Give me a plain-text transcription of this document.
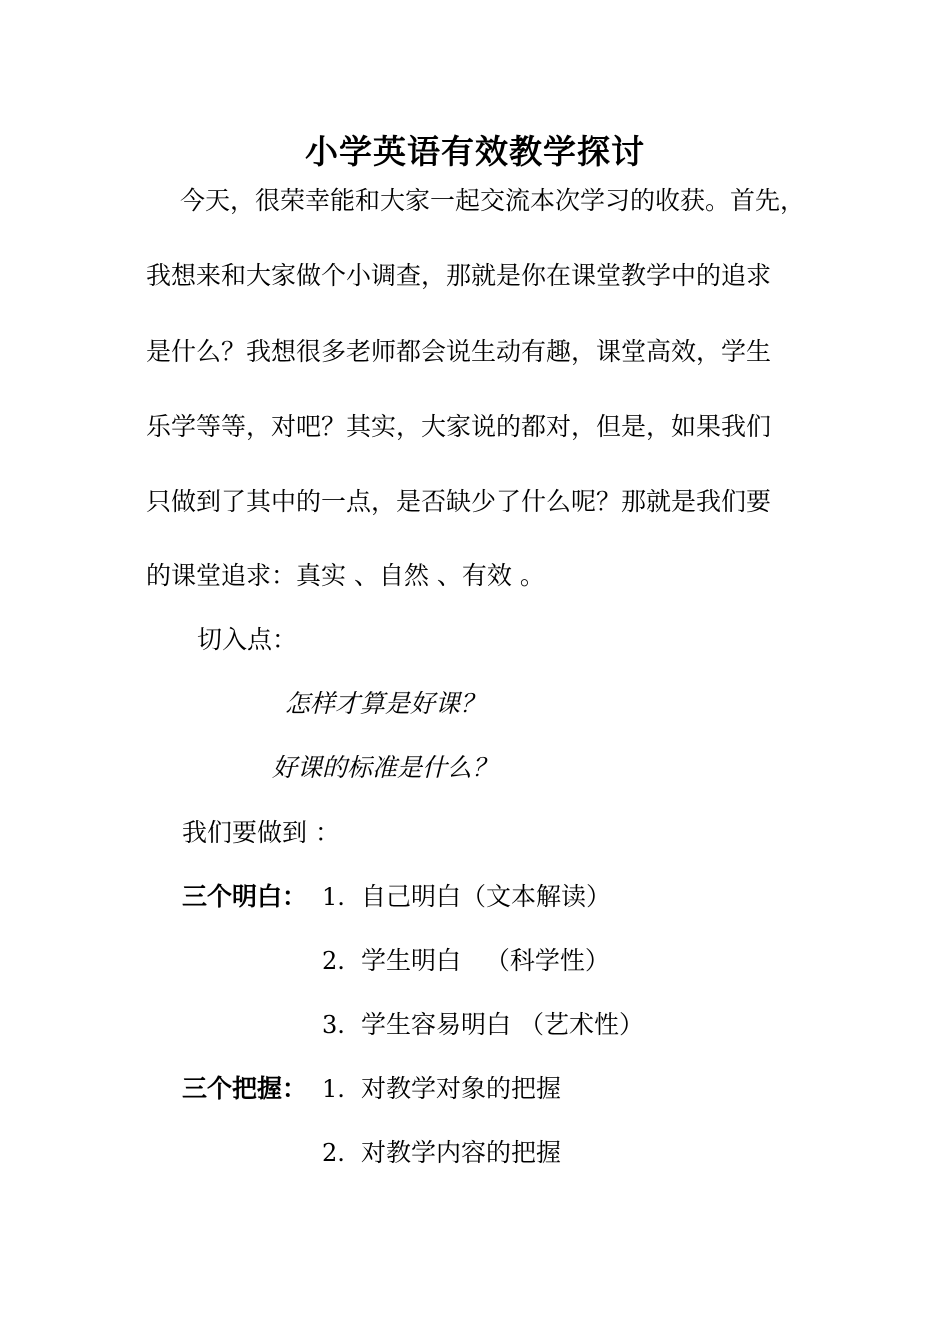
小学英语有效教学探讨
今天，很荣幸能和大家一起交流本次学习的收获。首先，
我想来和大家做个小调查，那就是你在课堂教学中的追求
是什么？我想很多老师都会说生动有趣，课堂高效，学生
乐学等等，对吧？其实，大家说的都对，但是，如果我们
只做到了其中的一点，是否缺少了什么呢？那就是我们要
的课堂追求：真实 、自然 、有效 。
切入点：
怎样才算是好课？
好课的标准是什么？
我们要做到 ：
三个明白： 1. 自己明白（文本解读）
2. 学生明白   （科学性）
3. 学生容易明白 （艺术性）
三个把握： 1. 对教学对象的把握
2. 对教学内容的把握
